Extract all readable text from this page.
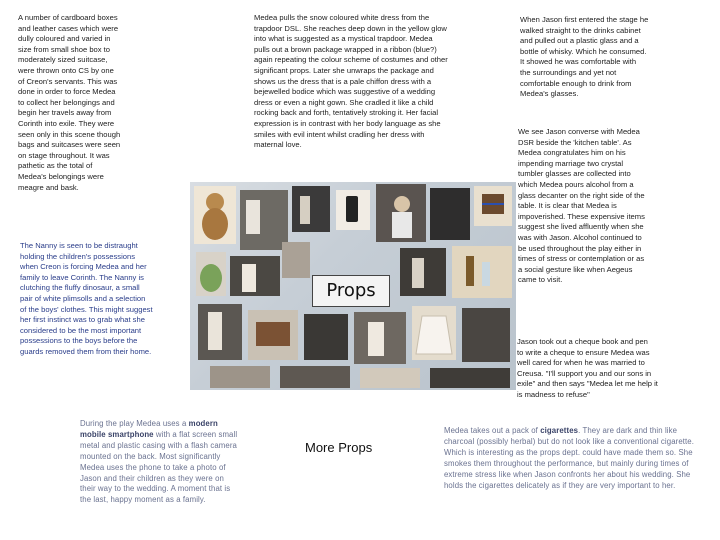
A number of cardboard boxes
and leather cases which were
dully coloured and varied in
size from small shoe box to
moderately sized suitcase,
were thrown onto CS by one
of Creon's servants. This was
done in order to force Medea
to collect her belongings and
begin her travels away from
Corinth into exile. They were
seen only in this scene though
bags and suitcases were seen
on stage throughout. It was
pathetic as the total of
Medea's belongings were
meagre and bask.
The Nanny is seen to be distraught
holding the children's possessions
when Creon is forcing Medea and her
family to leave Corinth. The Nanny is
clutching the fluffy dinosaur, a small
pair of white plimsolls and a selection
of the boys' clothes. This might suggest
her first instinct was to grab what she
considered to be the most important
possessions to the boys before the
guards removed them from their home.
Medea pulls the snow coloured white dress from the
trapdoor DSL. She reaches deep down in the yellow glow
into what is suggested as a mystical trapdoor. Medea
pulls out a brown package wrapped in a ribbon (blue?)
again repeating the colour scheme of costumes and other
significant props. Later she unwraps the package and
shows us the dress that is a pale chiffon dress with a
bejewelled bodice which was suggestive of a wedding
dress or even a night gown. She cradled it like a child
rocking back and forth, tentatively stroking it. Her facial
expression is in contrast with her body language as she
smiles with evil intent whilst cradling her dress with
maternal love.
When Jason first entered the stage he
walked straight to the drinks cabinet
and pulled out a plastic glass and a
bottle of whisky. Which he consumed.
It showed he was comfortable with
the surroundings and yet not
comfortable enough to drink from
Medea's glasses.
We see Jason converse with Medea
DSR beside the 'kitchen table'. As
Medea congratulates him on his
impending marriage two crystal
tumbler glasses are collected into
which Medea pours alcohol from a
glass decanter on the right side of the
table. It is clear that Medea is
impoverished. These expensive items
suggest she lived affluently when she
was with Jason. Alcohol continued to
be used throughout the play either in
times of stress or contemplation or as
a social gesture like when Aegeus
came to visit.
Jason took out a cheque book and pen
to write a cheque to ensure Medea was
well cared for when he was married to
Creusa. "I'll support you and our sons in
exile" and then says "Medea let me help it
is madness to refuse"
Props
During the play Medea uses a modern mobile smartphone with a flat screen small metal and plastic casing with a flash camera mounted on the back. Most significantly Medea uses the phone to take a photo of Jason and their children as they were on their way to the wedding. A moment that is the last, happy moment as a family.
More Props
Medea takes out a pack of cigarettes. They are dark and thin like charcoal (possibly herbal) but do not look like a conventional cigarette. Which is interesting as the props dept. could have made them so. She smokes them throughout the performance, but mainly during times of extreme stress like when Jason confronts her about his wedding. She holds the cigarettes delicately as if they are very important to her.
